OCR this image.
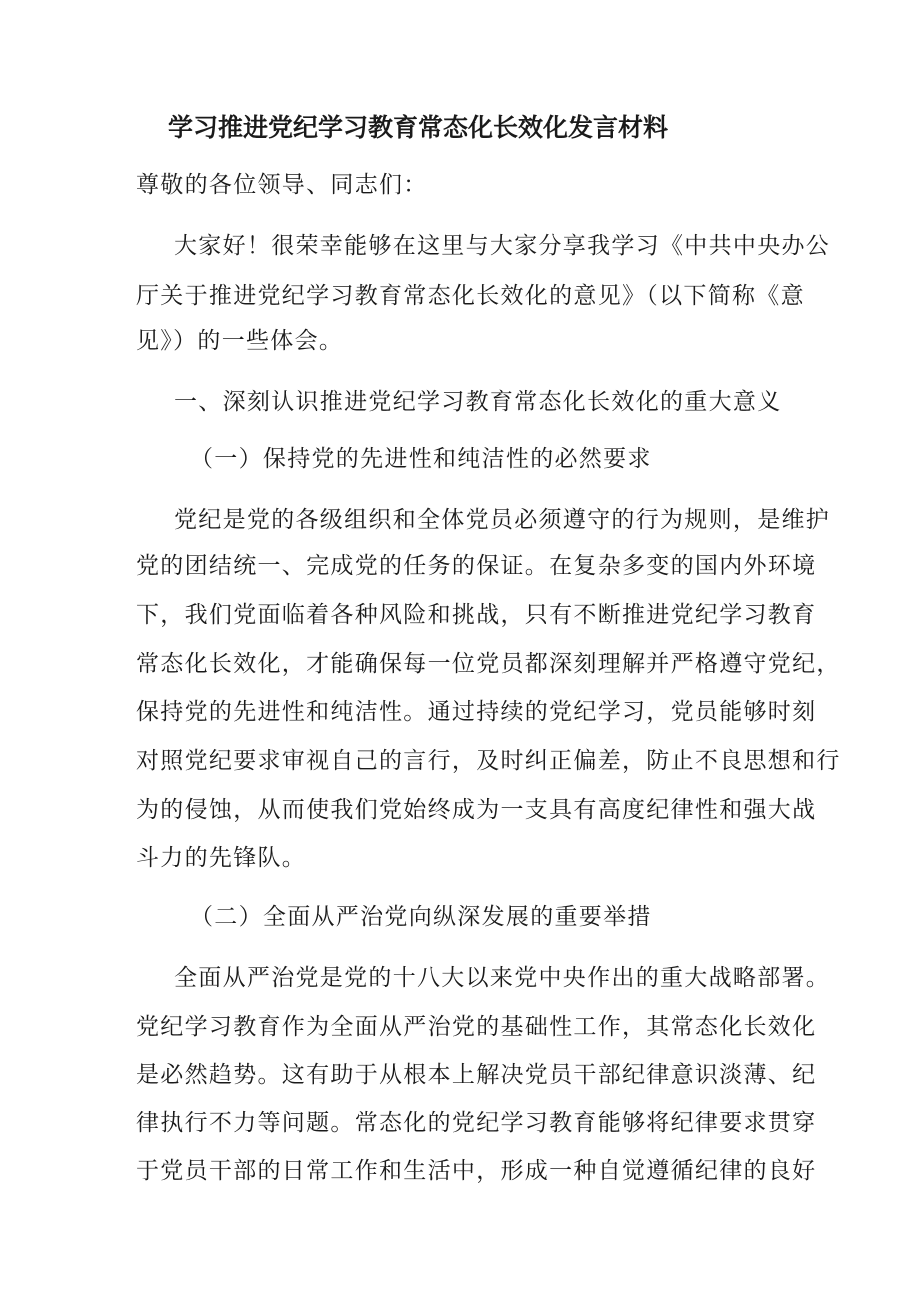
学习推进党纪学习教育常态化长效化发言材料
尊敬的各位领导、同志们：
大家好！很荣幸能够在这里与大家分享我学习《中共中央办公
厅关于推进党纪学习教育常态化长效化的意见》（以下简称《意
见》）的一些体会。
一、深刻认识推进党纪学习教育常态化长效化的重大意义
（一）保持党的先进性和纯洁性的必然要求
党纪是党的各级组织和全体党员必须遵守的行为规则，是维护
党的团结统一、完成党的任务的保证。在复杂多变的国内外环境
下，我们党面临着各种风险和挑战，只有不断推进党纪学习教育
常态化长效化，才能确保每一位党员都深刻理解并严格遵守党纪，
保持党的先进性和纯洁性。通过持续的党纪学习，党员能够时刻
对照党纪要求审视自己的言行，及时纠正偏差，防止不良思想和行
为的侵蚀，从而使我们党始终成为一支具有高度纪律性和强大战
斗力的先锋队。
（二）全面从严治党向纵深发展的重要举措
全面从严治党是党的十八大以来党中央作出的重大战略部署。
党纪学习教育作为全面从严治党的基础性工作，其常态化长效化
是必然趋势。这有助于从根本上解决党员干部纪律意识淡薄、纪
律执行不力等问题。常态化的党纪学习教育能够将纪律要求贯穿
于党员干部的日常工作和生活中，形成一种自觉遵循纪律的良好
